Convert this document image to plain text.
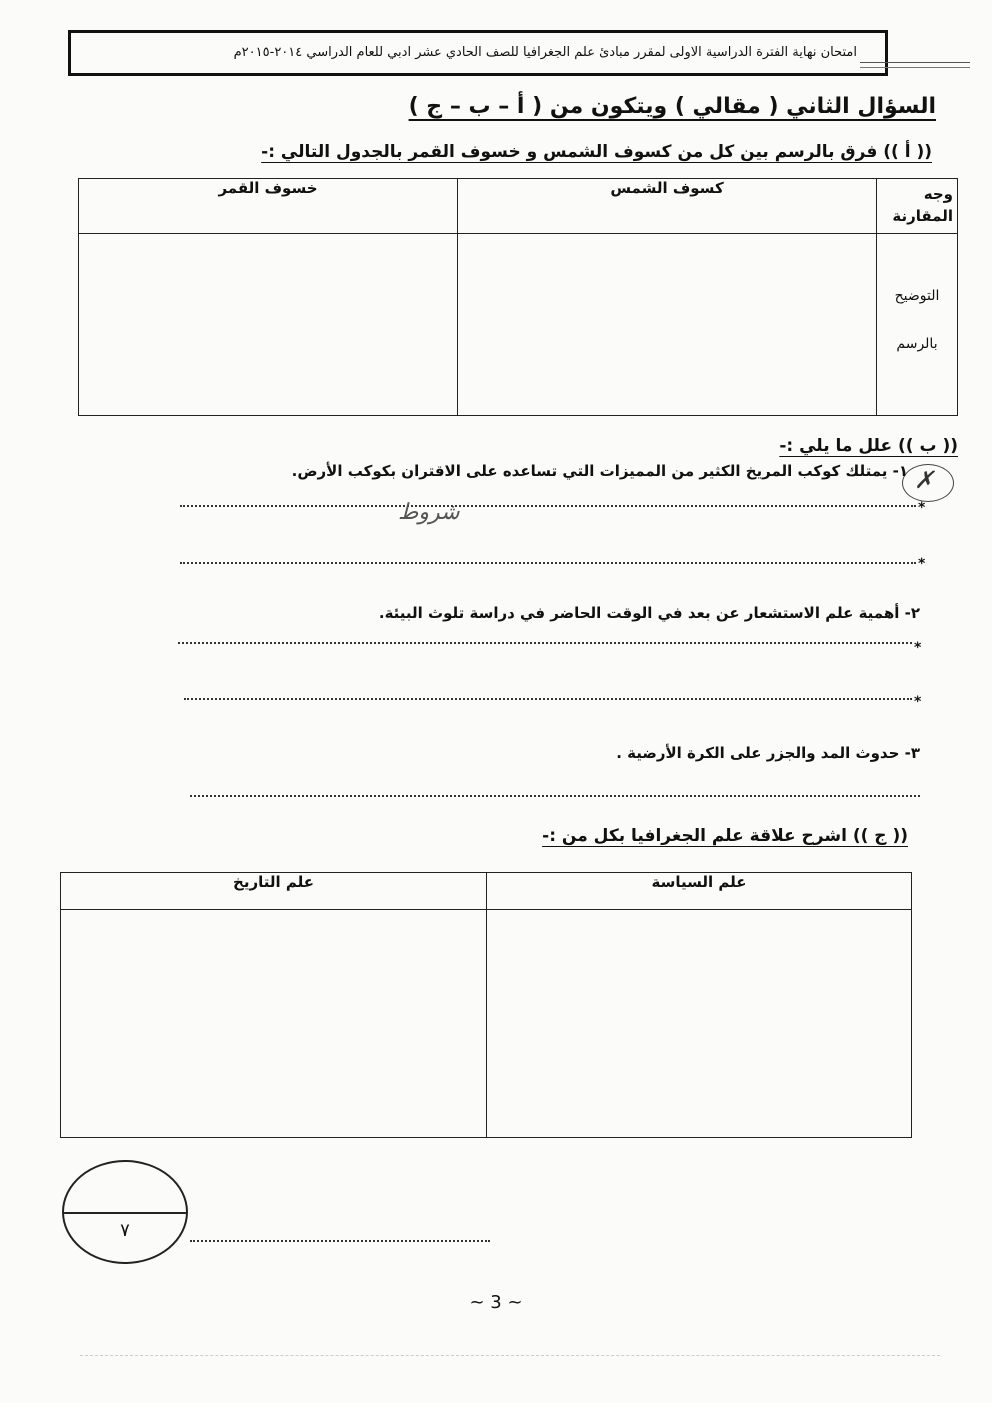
امتحان نهاية الفترة الدراسية الاولى لمقرر مبادئ علم الجغرافيا للصف الحادي عشر ادبي للعام الدراسي ٢٠١٤-٢٠١٥م
السؤال الثاني ( مقالي ) ويتكون من ( أ – ب – ج )
(( أ )) فرق بالرسم بين كل من كسوف الشمس و خسوف القمر بالجدول التالي :-
وجه المقارنة	كسوف الشمس	خسوف القمر

التوضيح
بالرسم		

(( ب )) علل ما يلي :-
✗
١- يمتلك كوكب المريخ الكثير من المميزات التي تساعده على الاقتران بكوكب الأرض.
*
شروط
*
٢- أهمية علم الاستشعار عن بعد في الوقت الحاضر في دراسة تلوث البيئة.
*
*
٣- حدوث المد والجزر على الكرة الأرضية .
(( ج )) اشرح علاقة علم الجغرافيا بكل من :-
علم السياسة	علم التاريخ

٧
~ 3 ~
